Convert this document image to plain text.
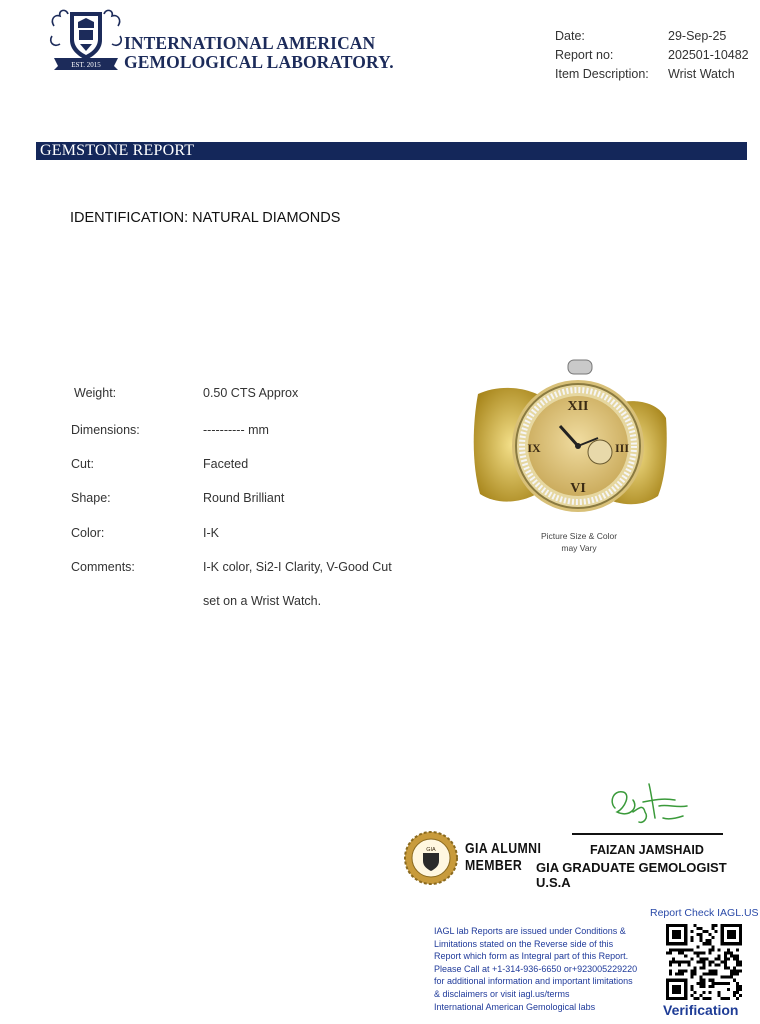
EST. 2015
INTERNATIONAL AMERICAN
GEMOLOGICAL LABORATORY.
Date:	29-Sep-25
Report no:	202501-10482
Item Description:	Wrist Watch
GEMSTONE REPORT
IDENTIFICATION: NATURAL DIAMONDS
Weight:	0.50 CTS Approx
Dimensions:	---------- mm
Cut:	Faceted
Shape:	Round Brilliant
Color:	I-K
Comments:	I-K color, Si2-I Clarity, V-Good Cut
set on a Wrist Watch.
XII
VI
IX	III
Picture Size & Color
may Vary
FAIZAN JAMSHAID
GIA GRADUATE GEMOLOGIST U.S.A
GIA GIA ALUMNI
MEMBER
Report Check IAGL.US
IAGL lab Reports are issued under Conditions &
Limitations stated on the Reverse side of this
Report which form as Integral part of this Report.
Please Call at +1-314-936-6650 or+923005229220
for additional information and important limitations
& disclaimers or visit iagl.us/terms
International American Gemological labs	Verification
